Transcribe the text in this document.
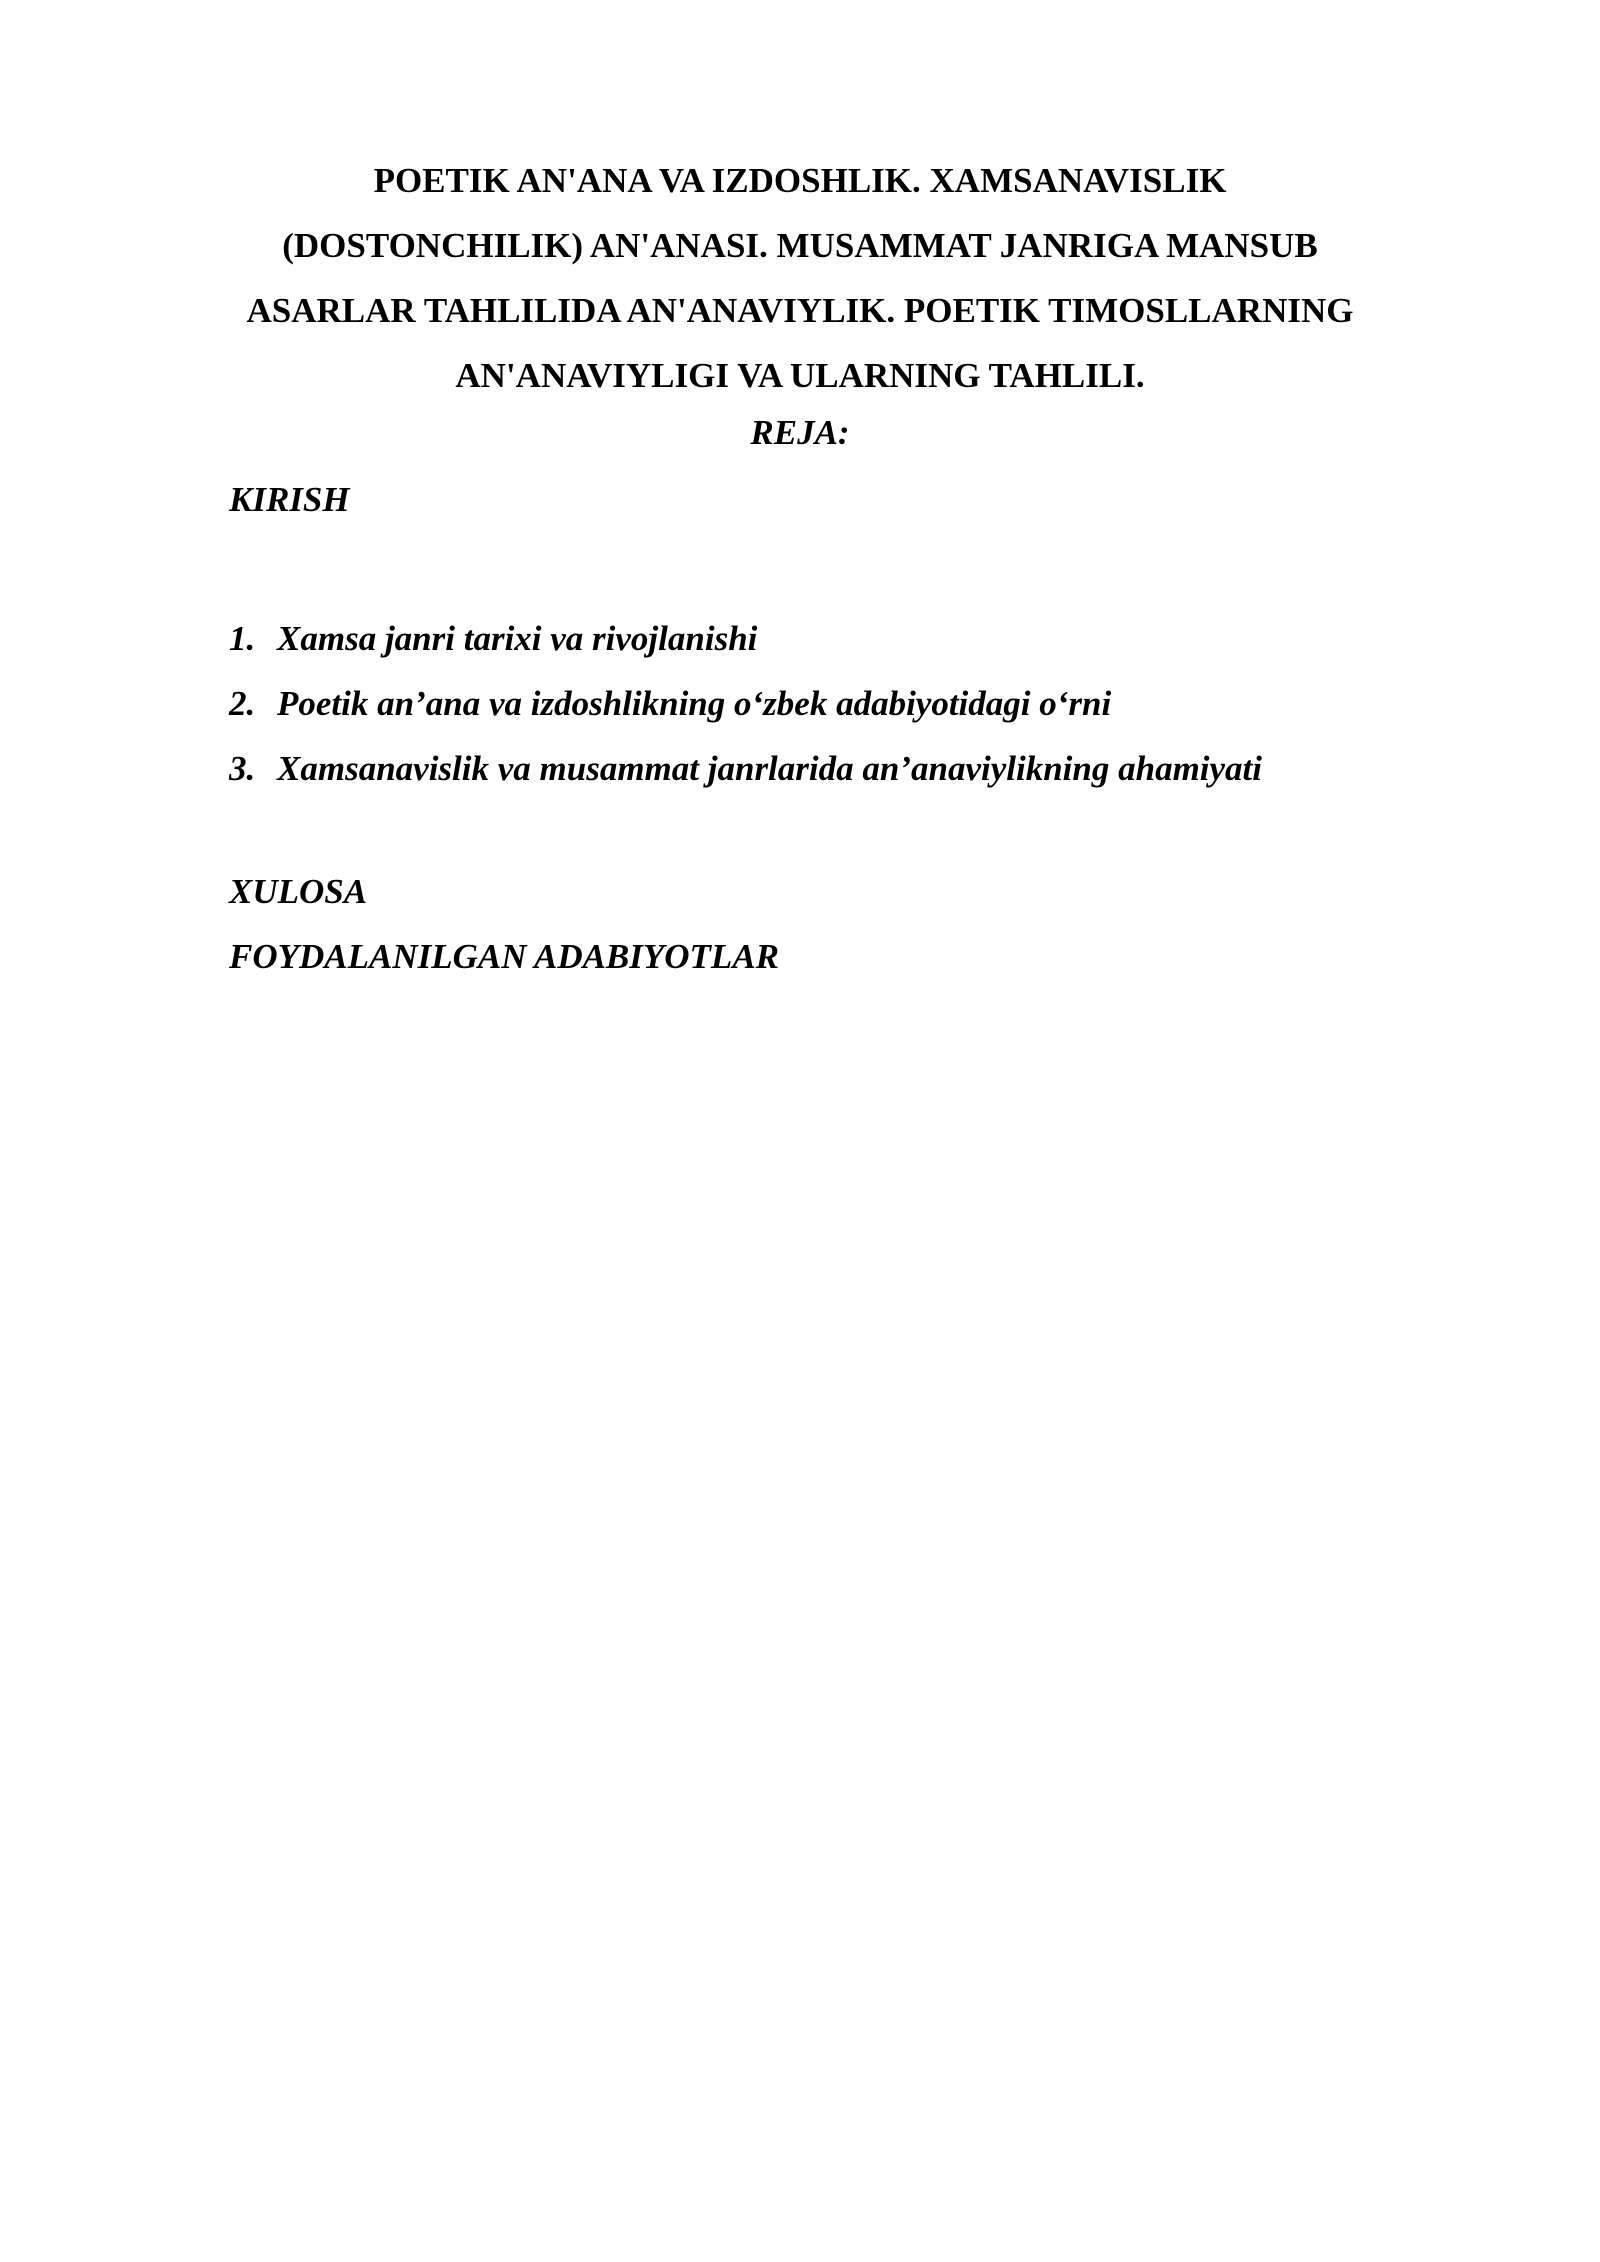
POETIK AN'ANA VA IZDOSHLIK. XAMSANAVISLIK
(DOSTONCHILIK) AN'ANASI. MUSAMMAT JANRIGA MANSUB
ASARLAR TAHLILIDA AN'ANAVIYLIK. POETIK TIMOSLLARNING
AN'ANAVIYLIGI VA ULARNING TAHLILI.
REJA:
KIRISH
1. Xamsa janri tarixi va rivojlanishi
2. Poetik an’ana va izdoshlikning o‘zbek adabiyotidagi o‘rni
3. Xamsanavislik va musammat janrlarida an’anaviylikning ahamiyati
XULOSA
FOYDALANILGAN ADABIYOTLAR
